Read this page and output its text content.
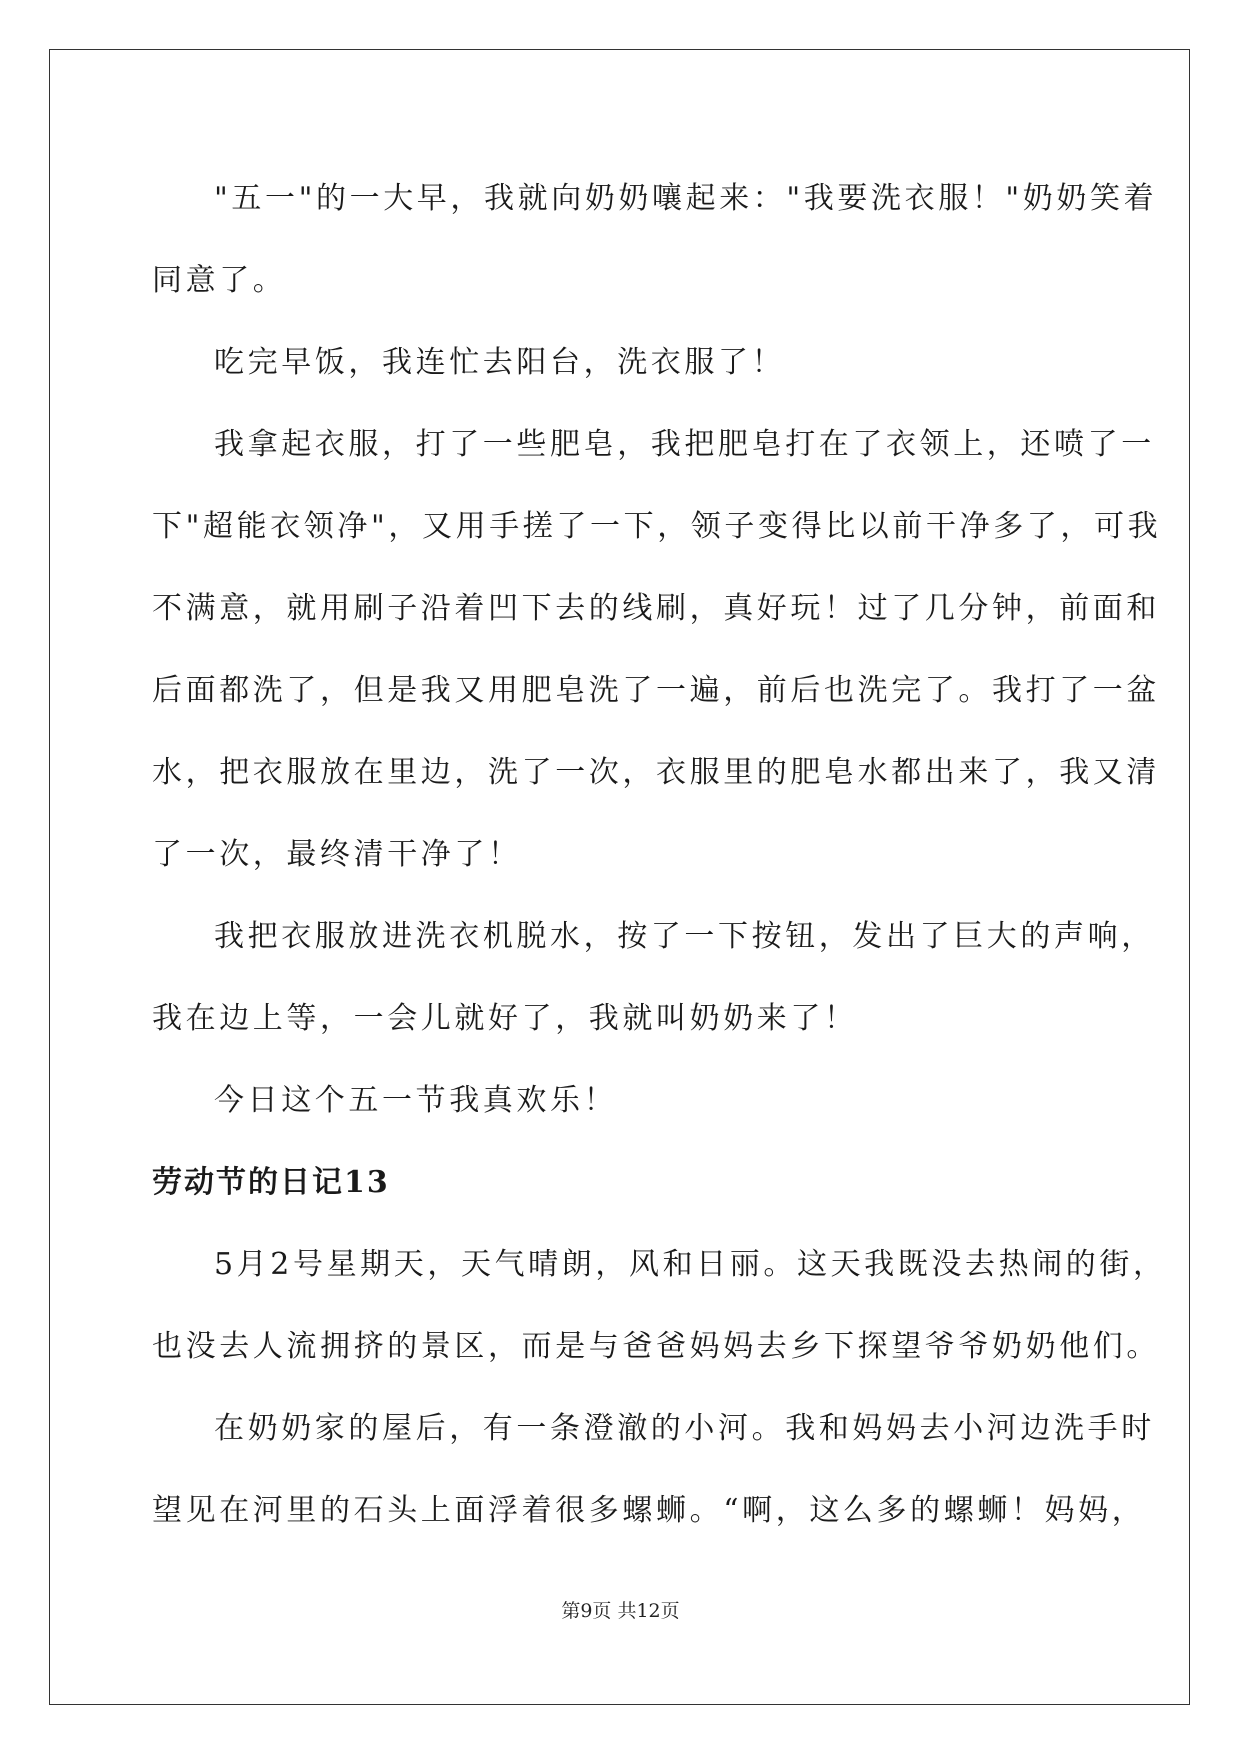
"五一"的一大早，我就向奶奶嚷起来："我要洗衣服！"奶奶笑着
同意了。

吃完早饭，我连忙去阳台，洗衣服了！

我拿起衣服，打了一些肥皂，我把肥皂打在了衣领上，还喷了一
下"超能衣领净"，又用手搓了一下，领子变得比以前干净多了，可我
不满意，就用刷子沿着凹下去的线刷，真好玩！过了几分钟，前面和
后面都洗了，但是我又用肥皂洗了一遍，前后也洗完了。我打了一盆
水，把衣服放在里边，洗了一次，衣服里的肥皂水都出来了，我又清
了一次，最终清干净了！

我把衣服放进洗衣机脱水，按了一下按钮，发出了巨大的声响，
我在边上等，一会儿就好了，我就叫奶奶来了！

今日这个五一节我真欢乐！

劳动节的日记13

5月2号星期天，天气晴朗，风和日丽。这天我既没去热闹的街，
也没去人流拥挤的景区，而是与爸爸妈妈去乡下探望爷爷奶奶他们。

在奶奶家的屋后，有一条澄澈的小河。我和妈妈去小河边洗手时
望见在河里的石头上面浮着很多螺蛳。“啊，这么多的螺蛳！妈妈，

第9页 共12页
